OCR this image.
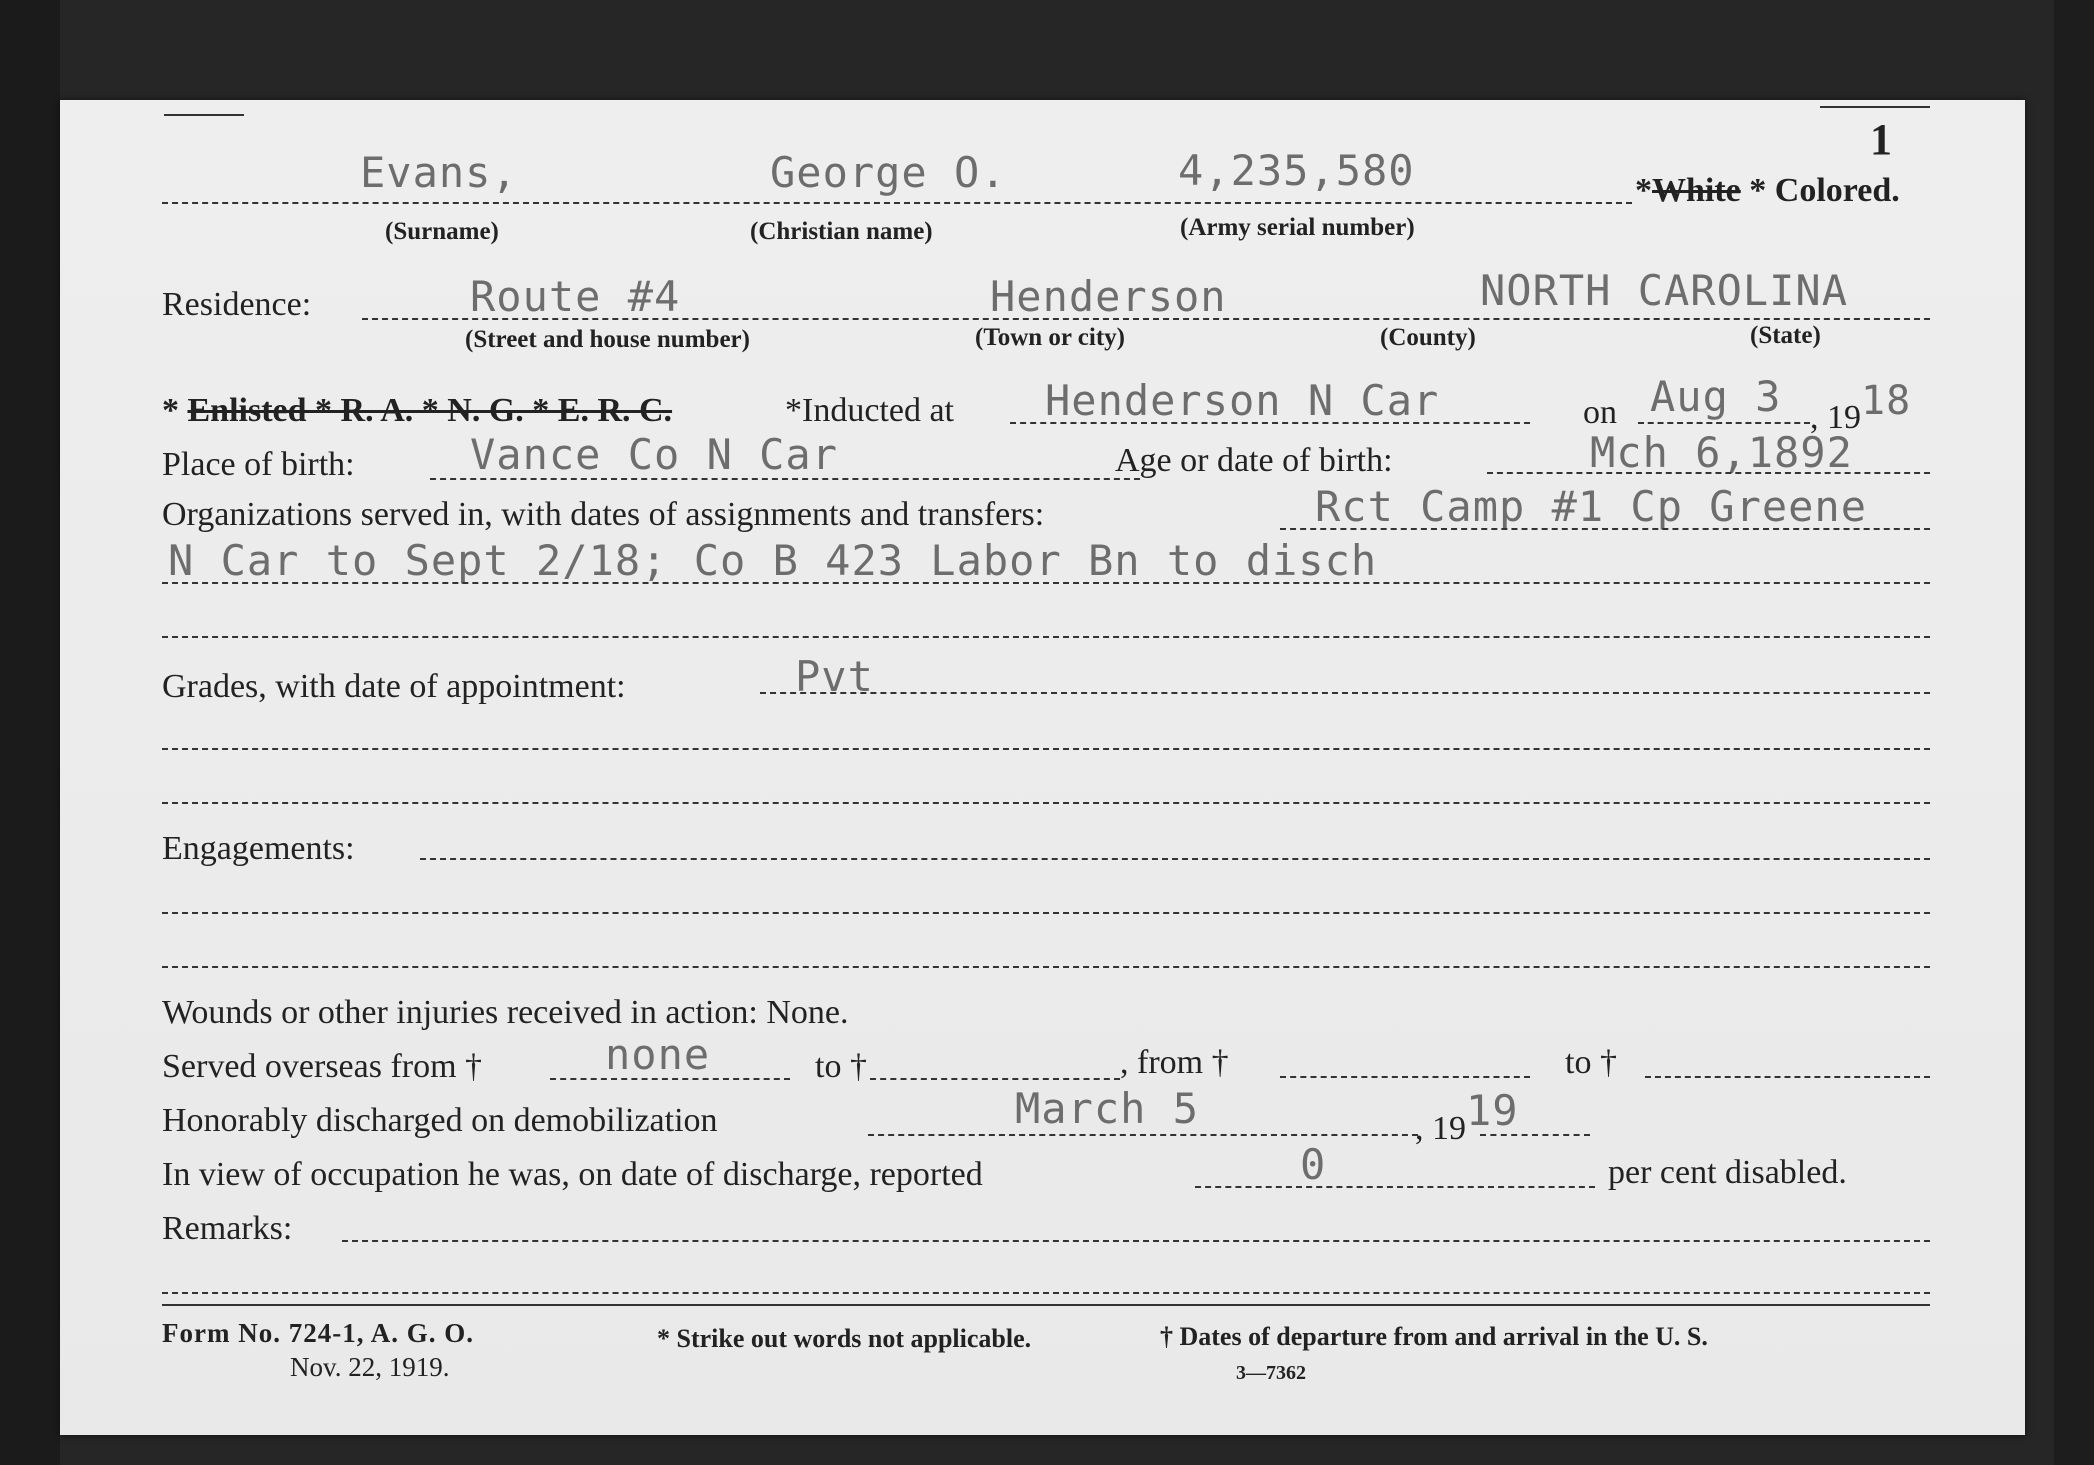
1
Evans,	George O.	4,235,580	*White * Colored.
(Surname)	(Christian name)	(Army serial number)
Residence:	Route #4	Henderson	NORTH CAROLINA
(Street and house number)	(Town or city)	(County)	(State)
* Enlisted * R. A. * N. G. * E. R. C.	*Inducted at Henderson N Car	on Aug 3 , 1918
Place of birth:	Vance Co N Car	Age or date of birth:	Mch 6,1892
Organizations served in, with dates of assignments and transfers:	Rct Camp #1 Cp Greene
N Car to Sept 2/18; Co B 423 Labor Bn to disch
Grades, with date of appointment:	Pvt
Engagements:
Wounds or other injuries received in action: None.
Served overseas from †	none	to †	, from †	to †
Honorably discharged on demobilization	March 5	, 1919
In view of occupation he was, on date of discharge, reported	0	per cent disabled.
Remarks:
Form No. 724-1, A. G. O.
Nov. 22, 1919.
* Strike out words not applicable.	† Dates of departure from and arrival in the U. S.
3—7362
